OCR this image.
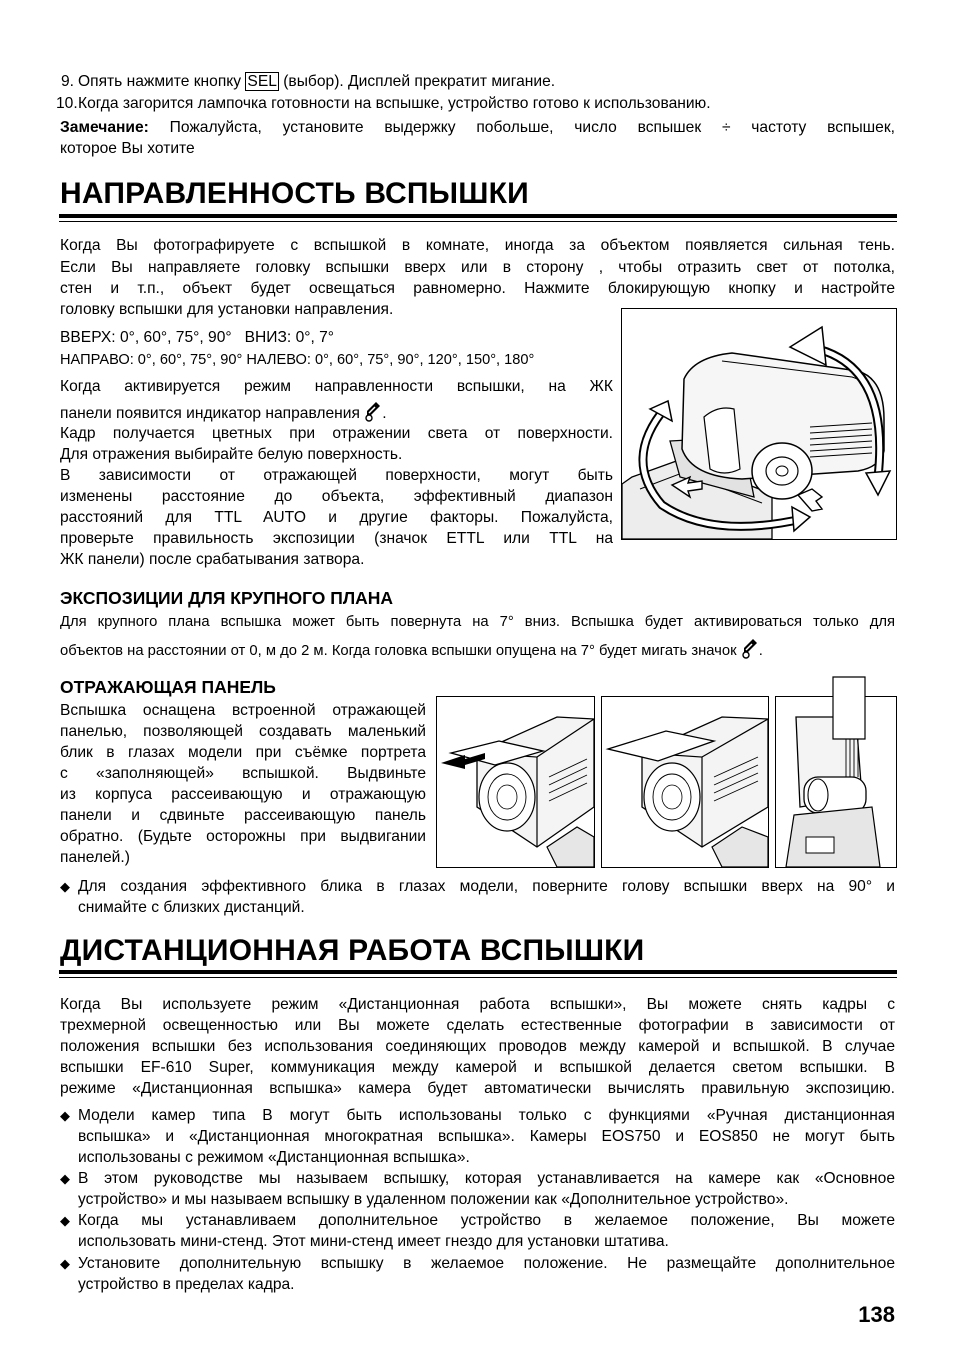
9. Опять нажмите кнопку SEL (выбор). Дисплей прекратит мигание.
10. Когда загорится лампочка готовности на вспышке, устройство готово к использованию.
Замечание: Пожалуйста, установите выдержку побольше, число вспышек ÷ частоту вспышек,
которое Вы хотите
НАПРАВЛЕННОСТЬ ВСПЫШКИ
Когда Вы фотографируете с вспышкой в комнате, иногда за объектом появляется сильная тень.
Если Вы направляете головку вспышки вверх или в сторону , чтобы отразить свет от потолка,
стен и т.п., объект будет освещаться равномерно. Нажмите блокирующую кнопку и настройте
головку вспышки для установки направления.
ВВЕРХ: 0°, 60°, 75°, 90°   ВНИЗ: 0°, 7°
НАПРАВО: 0°, 60°, 75°, 90° НАЛЕВО: 0°, 60°, 75°, 90°, 120°, 150°, 180°
Когда активируется режим направленности вспышки, на ЖК
панели появится индикатор направления .
Кадр получается цветных при отражении света от поверхности.
Для отражения выбирайте белую поверхность.
В зависимости от отражающей поверхности, могут быть
изменены расстояние до объекта, эффективный диапазон
расстояний для TTL AUTO и другие факторы. Пожалуйста,
проверьте правильность экспозиции (значок ETTL или TTL на
ЖК панели) после срабатывания затвора.
ЭКСПОЗИЦИИ ДЛЯ КРУПНОГО ПЛАНА
Для крупного плана вспышка может быть повернута на 7° вниз. Вспышка будет активироваться только для
объектов на расстоянии от 0, м до 2 м. Когда головка вспышки опущена на 7° будет мигать значок .
ОТРАЖАЮЩАЯ ПАНЕЛЬ
Вспышка оснащена встроенной отражающей
панелью, позволяющей создавать маленький
блик в глазах модели при съёмке портрета
с «заполняющей» вспышкой. Выдвиньте
из корпуса рассеивающую и отражающую
панели и сдвиньте рассеивающую панель
обратно. (Будьте осторожны при выдвигании
панелей.)
◆ Для создания эффективного блика в глазах модели, поверните голову вспышки вверх на 90° и
снимайте с близких дистанций.
ДИСТАНЦИОННАЯ РАБОТА ВСПЫШКИ
Когда Вы используете режим «Дистанционная работа вспышки», Вы можете снять кадры с
трехмерной освещенностью или Вы можете сделать естественные фотографии в зависимости от
положения вспышки без использования соединяющих проводов между камерой и вспышкой. В случае
вспышки EF-610 Super, коммуникация между камерой и вспышкой делается светом вспышки. В
режиме «Дистанционная вспышка» камера будет автоматически вычислять правильную экспозицию.
◆ Модели камер типа B могут быть использованы только с функциями «Ручная дистанционная
вспышка» и «Дистанционная многократная вспышка». Камеры EOS750 и EOS850 не могут быть
использованы с режимом «Дистанционная вспышка».
◆ В этом руководстве мы называем вспышку, которая устанавливается на камере как «Основное
устройство» и мы называем вспышку в удаленном положении как «Дополнительное устройство».
◆ Когда мы устанавливаем дополнительное устройство в желаемое положение, Вы можете
использовать мини-стенд. Этот мини-стенд имеет гнездо для установки штатива.
◆ Установите дополнительную вспышку в желаемое положение. Не размещайте дополнительное
устройство в пределах кадра.
138
